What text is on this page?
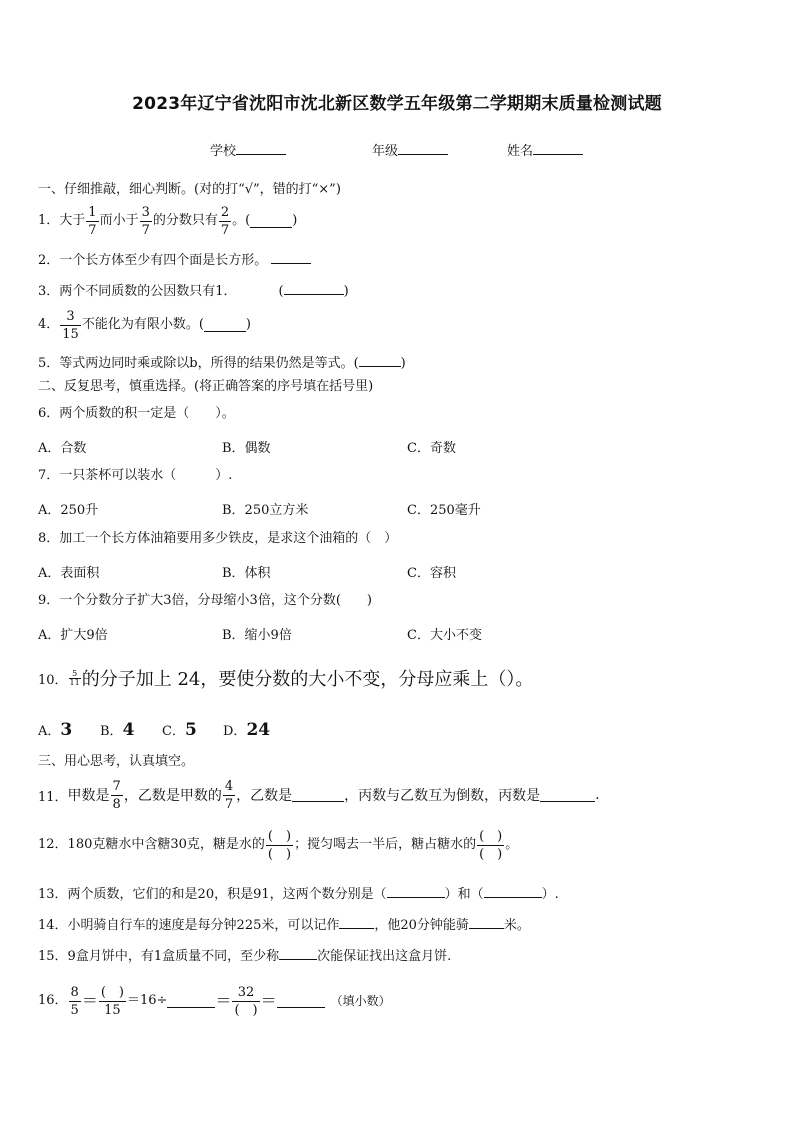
2023年辽宁省沈阳市沈北新区数学五年级第二学期期末质量检测试题
学校	年级	姓名
一、仔细推敲，细心判断。(对的打“√”，错的打“×”)
1． 大于 $\frac{1}{7}$ 而小于 $\frac{3}{7}$ 的分数只有 $\frac{2}{7}$ 。(	)
2．一个长方体至少有四个面是长方形。
3．两个不同质数的公因数只有1．	(	)
4． $\frac{3}{15}$ 不能化为有限小数。(	)
5．等式两边同时乘或除以b，所得的结果仍然是等式。(	)
二、反复思考，慎重选择。(将正确答案的序号填在括号里)
6．两个质数的积一定是（　　）。
A．合数	B．偶数	C．奇数
7．一只茶杯可以装水（　　　）.
A．250升	B．250立方米	C．250毫升
8．加工一个长方体油箱要用多少铁皮，是求这个油箱的（　）
A．表面积	B．体积	C．容积
9．一个分数分子扩大3倍，分母缩小3倍，这个分数(　　)
A．扩大9倍	B．缩小9倍	C．大小不变
10． $\frac{5}{11}$ 的分子加上 24，要使分数的大小不变，分母应乘上（）。
A．3 B．4 C．5 D．24
三、用心思考，认真填空。
11． 甲数是 $\frac{7}{8}$ ，乙数是甲数的 $\frac{4}{7}$ ，乙数是	，丙数与乙数互为倒数，丙数是	.
12． 180克糖水中含糖30克，糖是水的 $\frac{( )}{( )}$ ；搅匀喝去一半后，糖占糖水的 $\frac{( )}{( )}$ 。
13．两个质数，它们的和是20，积是91，这两个数分别是（	）和（	）.
14．小明骑自行车的速度是每分钟225米，可以记作	，他20分钟能骑	米。
15．9盒月饼中，有1盒质量不同，至少称	次能保证找出这盒月饼.
16． $\frac{8}{5} = \frac{( )}{15} =16\div$	＝ $\frac{32}{( )}$ ＝	（填小数）
